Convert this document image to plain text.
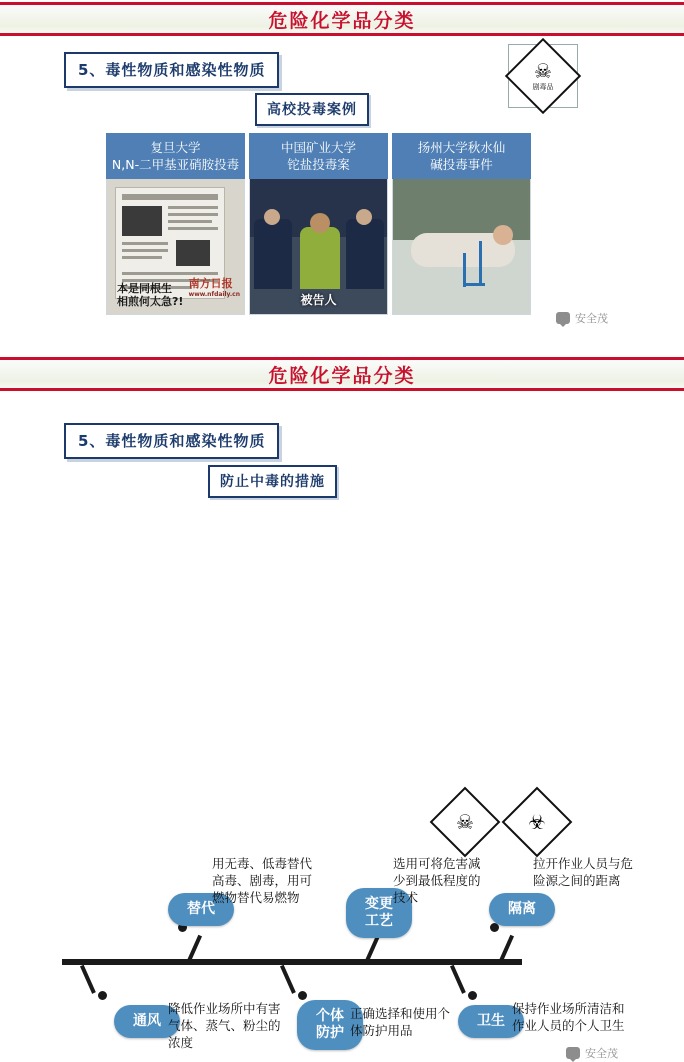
危险化学品分类
5、毒性物质和感染性物质	☠
剧毒品
高校投毒案例
复旦大学
N,N-二甲基亚硝胺投毒
本是同根生
相煎何太急?!
南方日报
www.nfdaily.cn
中国矿业大学
铊盐投毒案
被告人
扬州大学秋水仙
碱投毒事件
安全茂
危险化学品分类
5、毒性物质和感染性物质
防止中毒的措施
☠	☣
替代
用无毒、低毒替代高毒、剧毒，用可燃物替代易燃物	变更
工艺
选用可将危害减少到最低程度的技术
隔离
拉开作业人员与危险源之间的距离
通风
降低作业场所中有害气体、蒸气、粉尘的浓度
个体
防护
正确选择和使用个体防护用品
卫生
保持作业场所清洁和作业人员的个人卫生
安全茂
